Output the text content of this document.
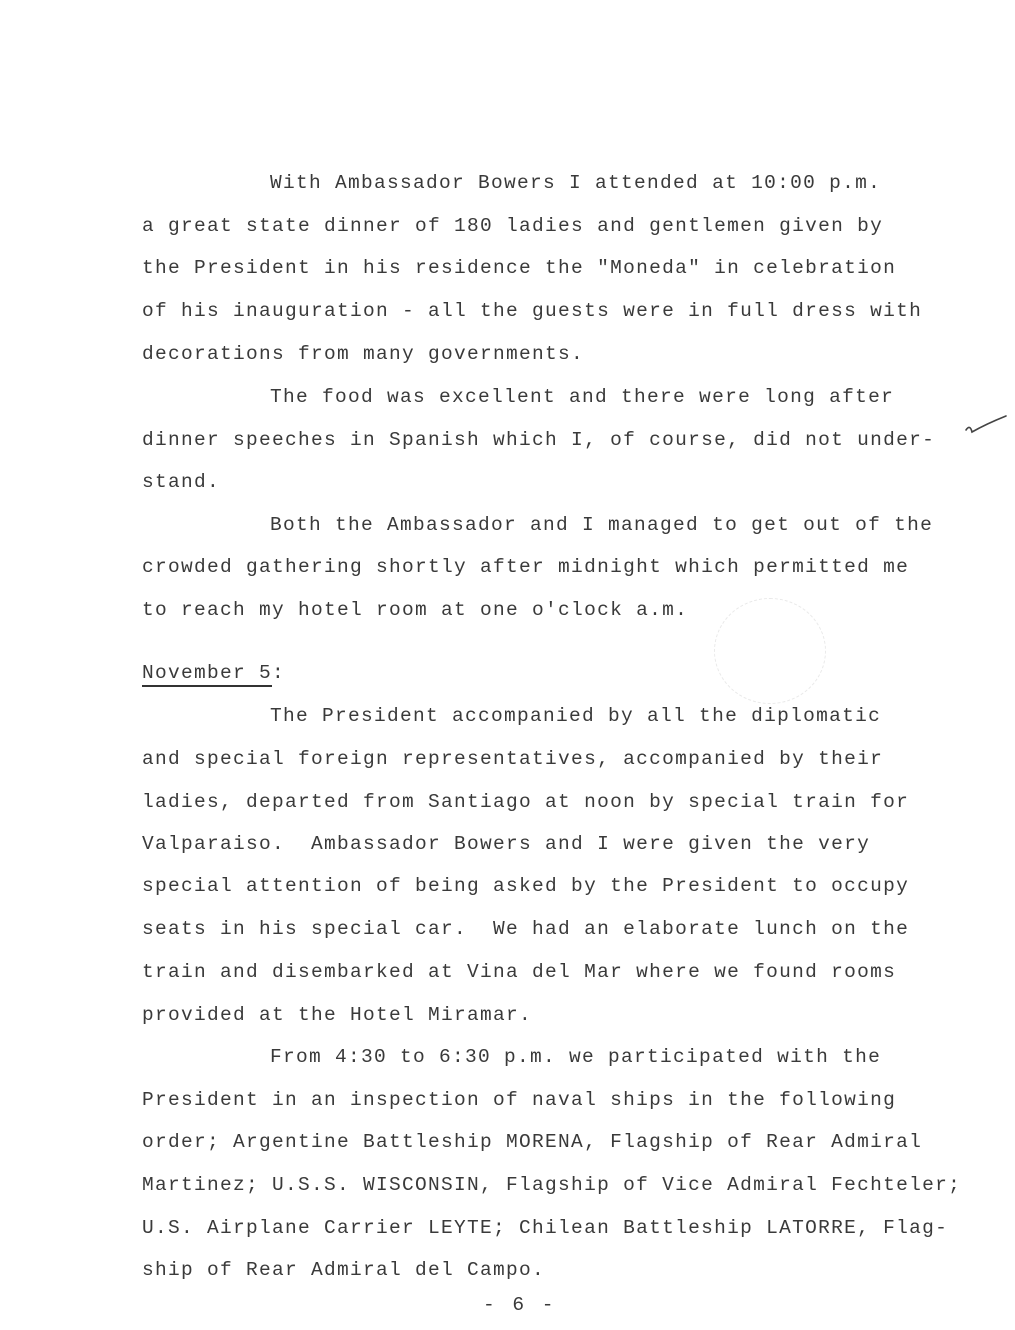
With Ambassador Bowers I attended at 10:00 p.m.
a great state dinner of 180 ladies and gentlemen given by
the President in his residence the "Moneda" in celebration
of his inauguration - all the guests were in full dress with
decorations from many governments.
The food was excellent and there were long after
dinner speeches in Spanish which I, of course, did not under-
stand.
Both the Ambassador and I managed to get out of the
crowded gathering shortly after midnight which permitted me
to reach my hotel room at one o'clock a.m.
November 5:
The President accompanied by all the diplomatic
and special foreign representatives, accompanied by their
ladies, departed from Santiago at noon by special train for
Valparaiso.  Ambassador Bowers and I were given the very
special attention of being asked by the President to occupy
seats in his special car.  We had an elaborate lunch on the
train and disembarked at Vina del Mar where we found rooms
provided at the Hotel Miramar.
From 4:30 to 6:30 p.m. we participated with the
President in an inspection of naval ships in the following
order; Argentine Battleship MORENA, Flagship of Rear Admiral
Martinez; U.S.S. WISCONSIN, Flagship of Vice Admiral Fechteler;
U.S. Airplane Carrier LEYTE; Chilean Battleship LATORRE, Flag-
ship of Rear Admiral del Campo.
- 6 -
